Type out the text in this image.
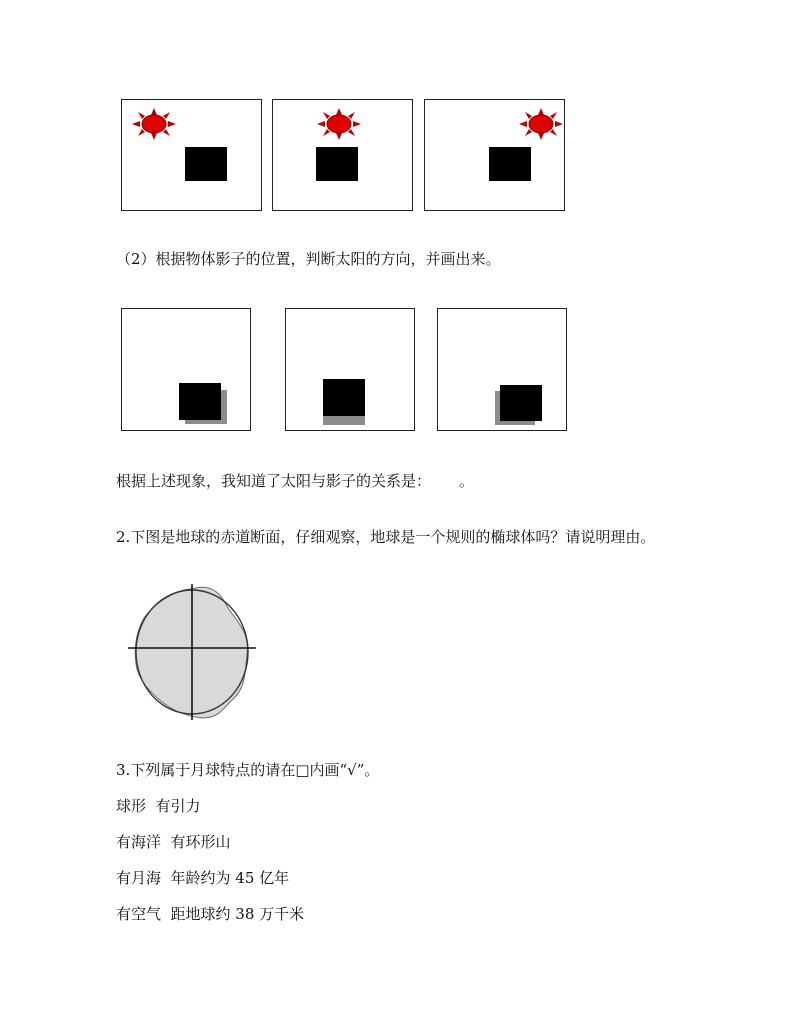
（2）根据物体影子的位置，判断太阳的方向，并画出来。
根据上述现象，我知道了太阳与影子的关系是： 。
2.下图是地球的赤道断面，仔细观察，地球是一个规则的椭球体吗？请说明理由。
3.下列属于月球特点的请在□内画“√”。
球形  有引力
有海洋  有环形山
有月海  年龄约为 45 亿年
有空气  距地球约 38 万千米
